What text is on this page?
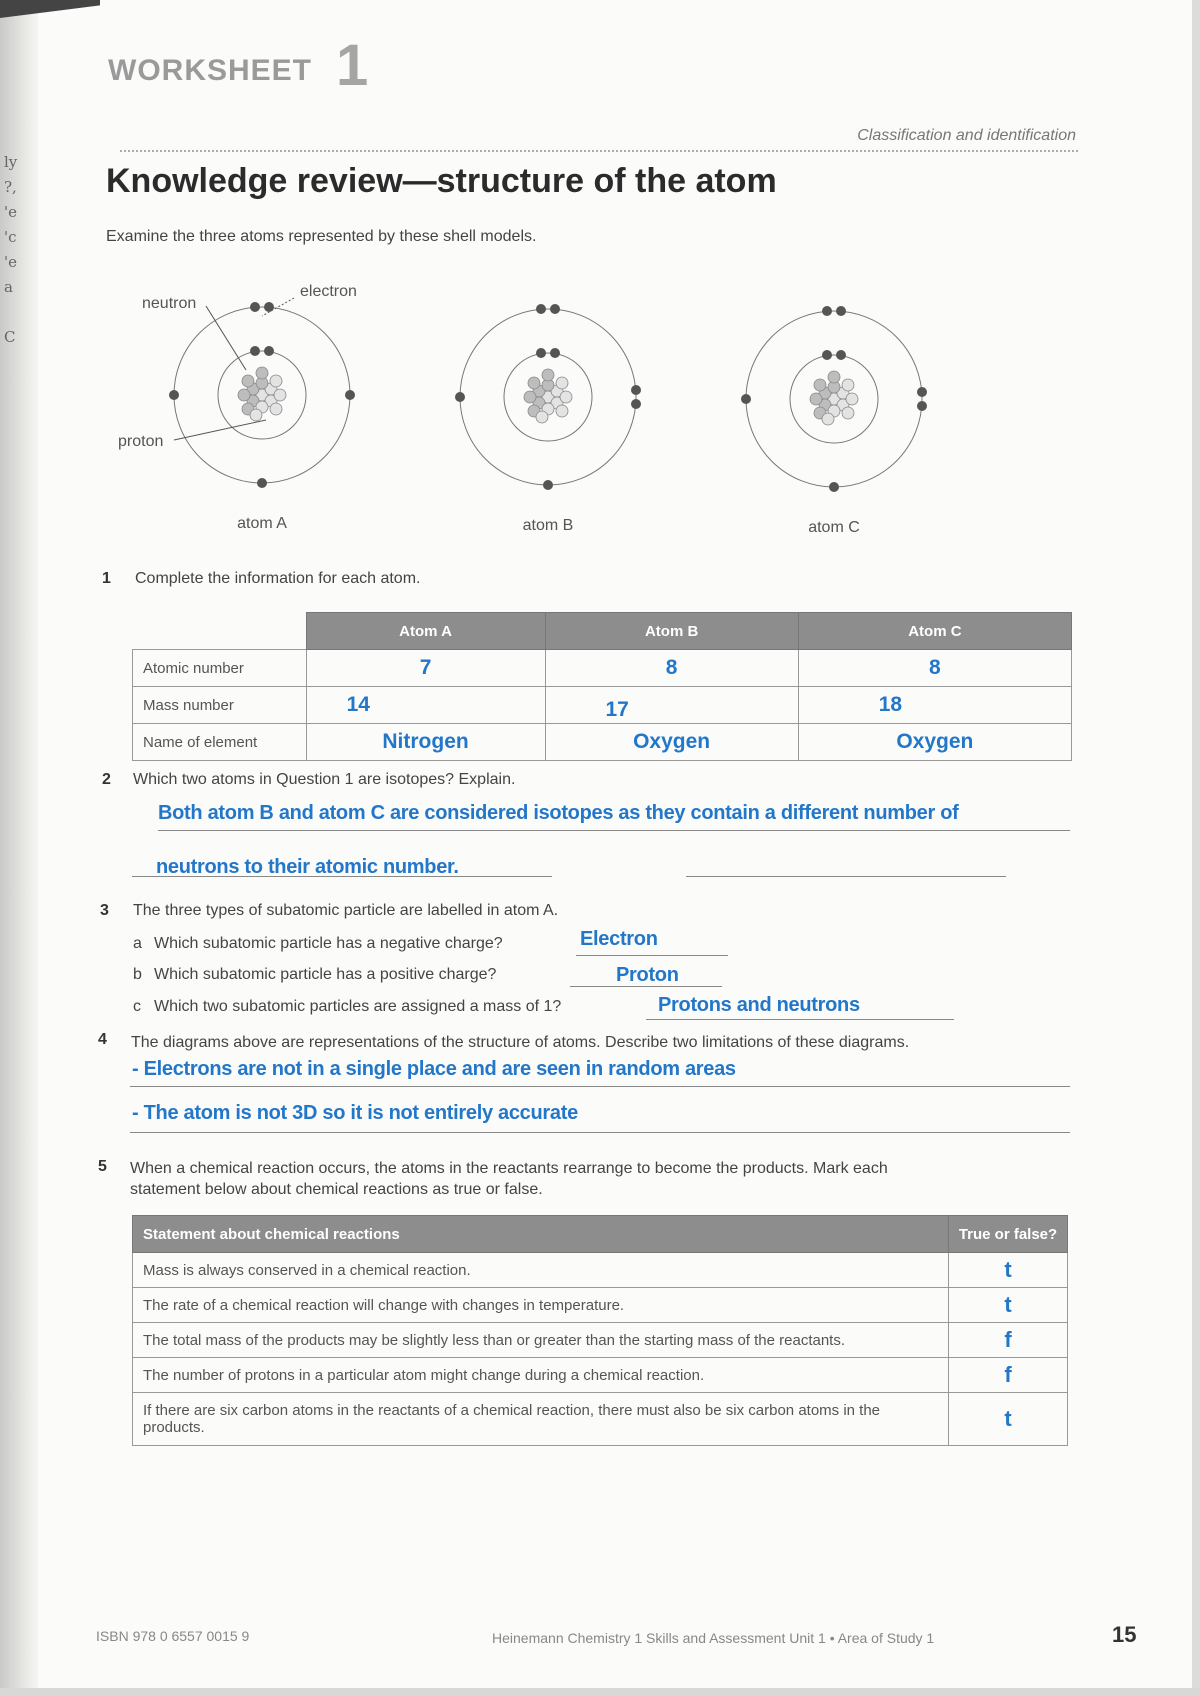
ly
?,
'e
'c
'e
a
C
WORKSHEET 1
Classification and identification
Knowledge review—structure of the atom
Examine the three atoms represented by these shell models.
neutron
electron
proton
atom A	atom B	atom C
1 Complete the information for each atom.
	Atom A	Atom B	Atom C
Atomic number	7	8	8
Mass number	14	17	18
Name of element	Nitrogen	Oxygen	Oxygen
2 Which two atoms in Question 1 are isotopes? Explain.
Both atom B and atom C are considered isotopes as they contain a different number of
neutrons to their atomic number.
3 The three types of subatomic particle are labelled in atom A.
a Which subatomic particle has a negative charge?	Electron
b Which subatomic particle has a positive charge?	Proton
c Which two subatomic particles are assigned a mass of 1?	Protons and neutrons
4 The diagrams above are representations of the structure of atoms. Describe two limitations of these diagrams.
- Electrons are not in a single place and are seen in random areas
- The atom is not 3D so it is not entirely accurate
5 When a chemical reaction occurs, the atoms in the reactants rearrange to become the products. Mark each
statement below about chemical reactions as true or false.
Statement about chemical reactions	True or false?
Mass is always conserved in a chemical reaction.	t
The rate of a chemical reaction will change with changes in temperature.	t
The total mass of the products may be slightly less than or greater than the starting mass of the reactants.	f
The number of protons in a particular atom might change during a chemical reaction.	f
If there are six carbon atoms in the reactants of a chemical reaction, there must also be six carbon atoms in the products.	t
ISBN 978 0 6557 0015 9	Heinemann Chemistry 1 Skills and Assessment Unit 1 • Area of Study 1	15
